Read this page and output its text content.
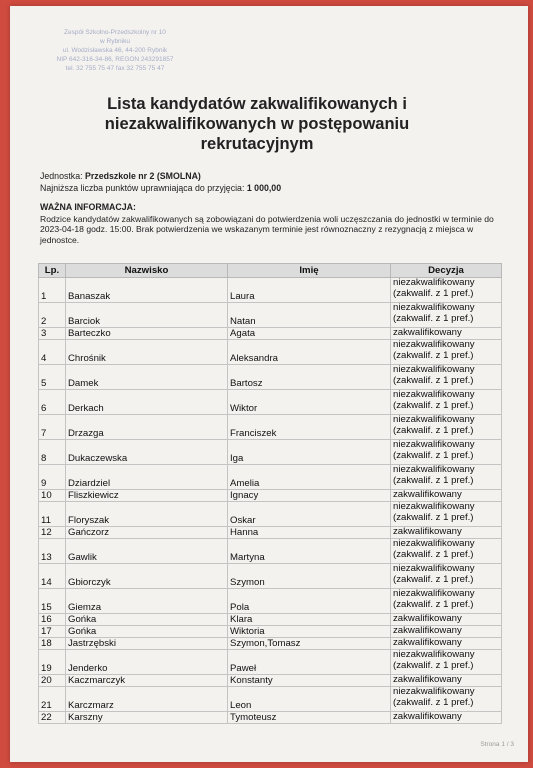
Zespół Szkolno-Przedszkolny nr 10
w Rybniku
ul. Wodzisławska 46, 44-200 Rybnik
NIP 642-316-34-86, REGON 243291857
tel. 32 755 75 47 fax 32 755 75 47
Lista kandydatów zakwalifikowanych i niezakwalifikowanych w postępowaniu rekrutacyjnym
Jednostka: Przedszkole nr 2 (SMOLNA)
Najniższa liczba punktów uprawniająca do przyjęcia: 1 000,00
WAŻNA INFORMACJA:
Rodzice kandydatów zakwalifikowanych są zobowiązani do potwierdzenia woli uczęszczania do jednostki w terminie do 2023-04-18 godz. 15:00. Brak potwierdzenia we wskazanym terminie jest równoznaczny z rezygnacją z miejsca w jednostce.
Lp.	Nazwisko	Imię	Decyzja
1	Banaszak	Laura	niezakwalifikowany (zakwalif. z 1 pref.)
2	Barciok	Natan	niezakwalifikowany (zakwalif. z 1 pref.)
3	Barteczko	Agata	zakwalifikowany
4	Chrośnik	Aleksandra	niezakwalifikowany (zakwalif. z 1 pref.)
5	Damek	Bartosz	niezakwalifikowany (zakwalif. z 1 pref.)
6	Derkach	Wiktor	niezakwalifikowany (zakwalif. z 1 pref.)
7	Drzazga	Franciszek	niezakwalifikowany (zakwalif. z 1 pref.)
8	Dukaczewska	Iga	niezakwalifikowany (zakwalif. z 1 pref.)
9	Dziardziel	Amelia	niezakwalifikowany (zakwalif. z 1 pref.)
10	Fliszkiewicz	Ignacy	zakwalifikowany
11	Floryszak	Oskar	niezakwalifikowany (zakwalif. z 1 pref.)
12	Gańczorz	Hanna	zakwalifikowany
13	Gawlik	Martyna	niezakwalifikowany (zakwalif. z 1 pref.)
14	Gbiorczyk	Szymon	niezakwalifikowany (zakwalif. z 1 pref.)
15	Giemza	Pola	niezakwalifikowany (zakwalif. z 1 pref.)
16	Gońka	Klara	zakwalifikowany
17	Gońka	Wiktoria	zakwalifikowany
18	Jastrzębski	Szymon,Tomasz	zakwalifikowany
19	Jenderko	Paweł	niezakwalifikowany (zakwalif. z 1 pref.)
20	Kaczmarczyk	Konstanty	zakwalifikowany
21	Karczmarz	Leon	niezakwalifikowany (zakwalif. z 1 pref.)
22	Karszny	Tymoteusz	zakwalifikowany
Strona 1 / 3
